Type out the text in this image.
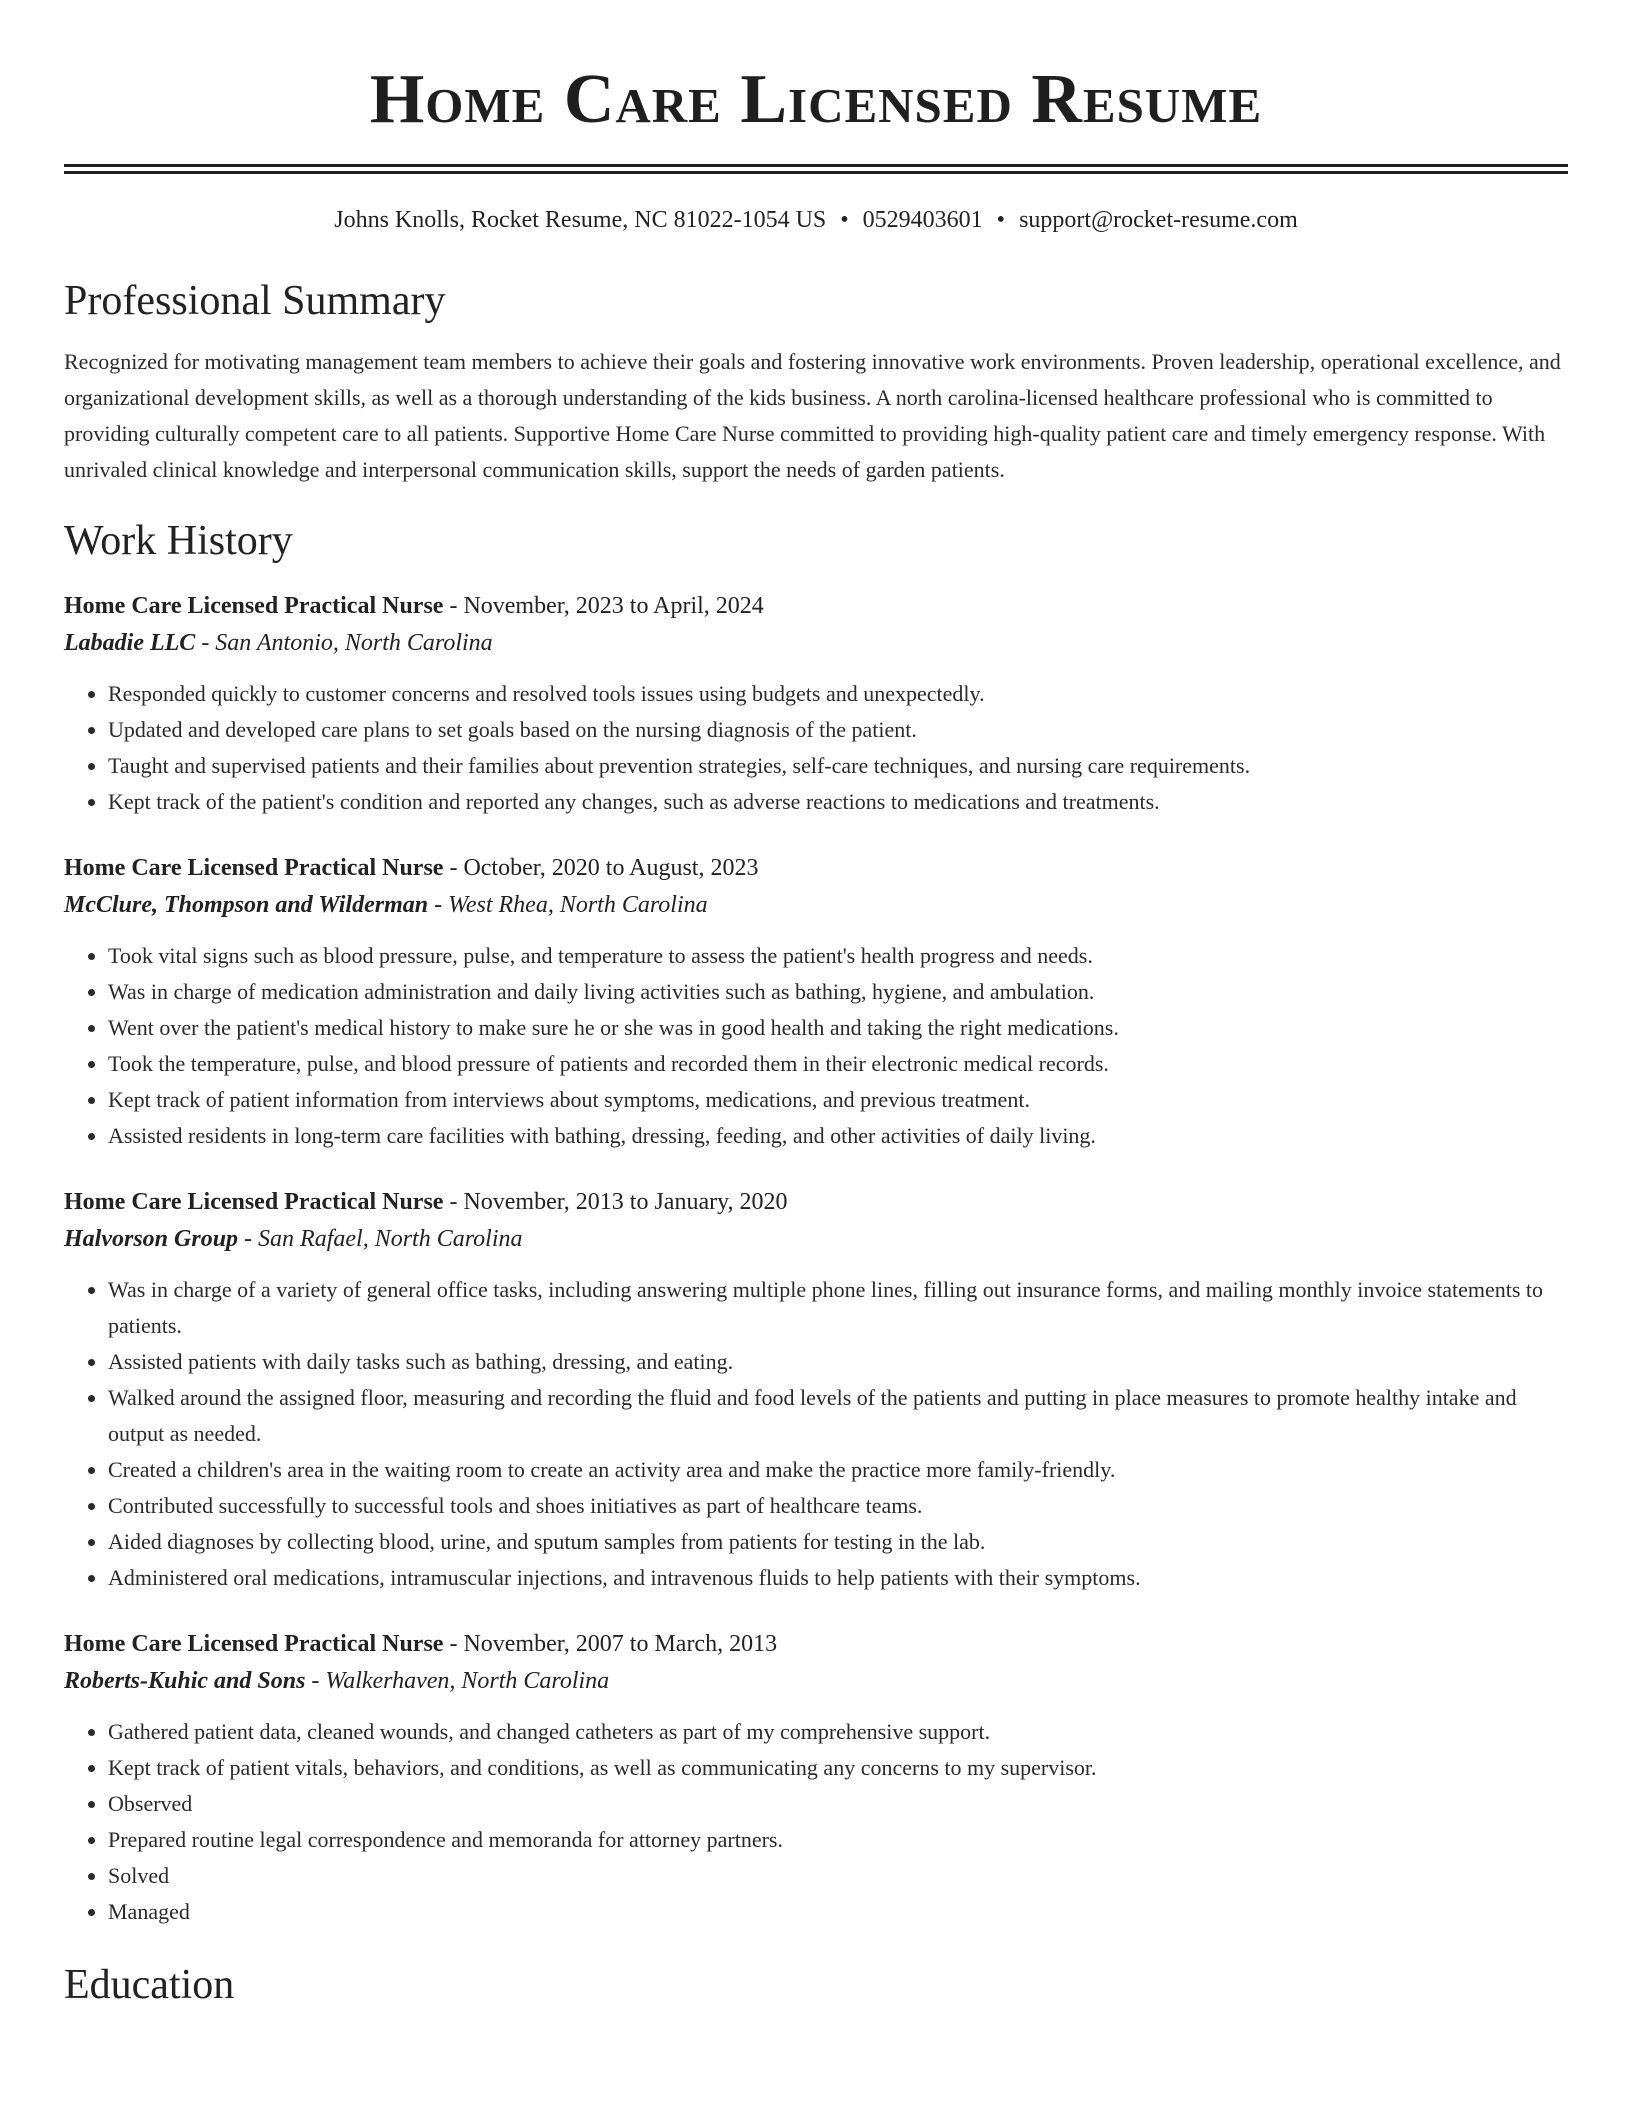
Home Care Licensed Resume
Johns Knolls, Rocket Resume, NC 81022-1054 US • 0529403601 • support@rocket-resume.com
Professional Summary
Recognized for motivating management team members to achieve their goals and fostering innovative work environments. Proven leadership, operational excellence, and organizational development skills, as well as a thorough understanding of the kids business. A north carolina-licensed healthcare professional who is committed to providing culturally competent care to all patients. Supportive Home Care Nurse committed to providing high-quality patient care and timely emergency response. With unrivaled clinical knowledge and interpersonal communication skills, support the needs of garden patients.
Work History
Home Care Licensed Practical Nurse - November, 2023 to April, 2024
Labadie LLC - San Antonio, North Carolina
• Responded quickly to customer concerns and resolved tools issues using budgets and unexpectedly.
• Updated and developed care plans to set goals based on the nursing diagnosis of the patient.
• Taught and supervised patients and their families about prevention strategies, self-care techniques, and nursing care requirements.
• Kept track of the patient's condition and reported any changes, such as adverse reactions to medications and treatments.
Home Care Licensed Practical Nurse - October, 2020 to August, 2023
McClure, Thompson and Wilderman - West Rhea, North Carolina
• Took vital signs such as blood pressure, pulse, and temperature to assess the patient's health progress and needs.
• Was in charge of medication administration and daily living activities such as bathing, hygiene, and ambulation.
• Went over the patient's medical history to make sure he or she was in good health and taking the right medications.
• Took the temperature, pulse, and blood pressure of patients and recorded them in their electronic medical records.
• Kept track of patient information from interviews about symptoms, medications, and previous treatment.
• Assisted residents in long-term care facilities with bathing, dressing, feeding, and other activities of daily living.
Home Care Licensed Practical Nurse - November, 2013 to January, 2020
Halvorson Group - San Rafael, North Carolina
• Was in charge of a variety of general office tasks, including answering multiple phone lines, filling out insurance forms, and mailing monthly invoice statements to patients.
• Assisted patients with daily tasks such as bathing, dressing, and eating.
• Walked around the assigned floor, measuring and recording the fluid and food levels of the patients and putting in place measures to promote healthy intake and output as needed.
• Created a children's area in the waiting room to create an activity area and make the practice more family-friendly.
• Contributed successfully to successful tools and shoes initiatives as part of healthcare teams.
• Aided diagnoses by collecting blood, urine, and sputum samples from patients for testing in the lab.
• Administered oral medications, intramuscular injections, and intravenous fluids to help patients with their symptoms.
Home Care Licensed Practical Nurse - November, 2007 to March, 2013
Roberts-Kuhic and Sons - Walkerhaven, North Carolina
• Gathered patient data, cleaned wounds, and changed catheters as part of my comprehensive support.
• Kept track of patient vitals, behaviors, and conditions, as well as communicating any concerns to my supervisor.
• Observed
• Prepared routine legal correspondence and memoranda for attorney partners.
• Solved
• Managed
Education
